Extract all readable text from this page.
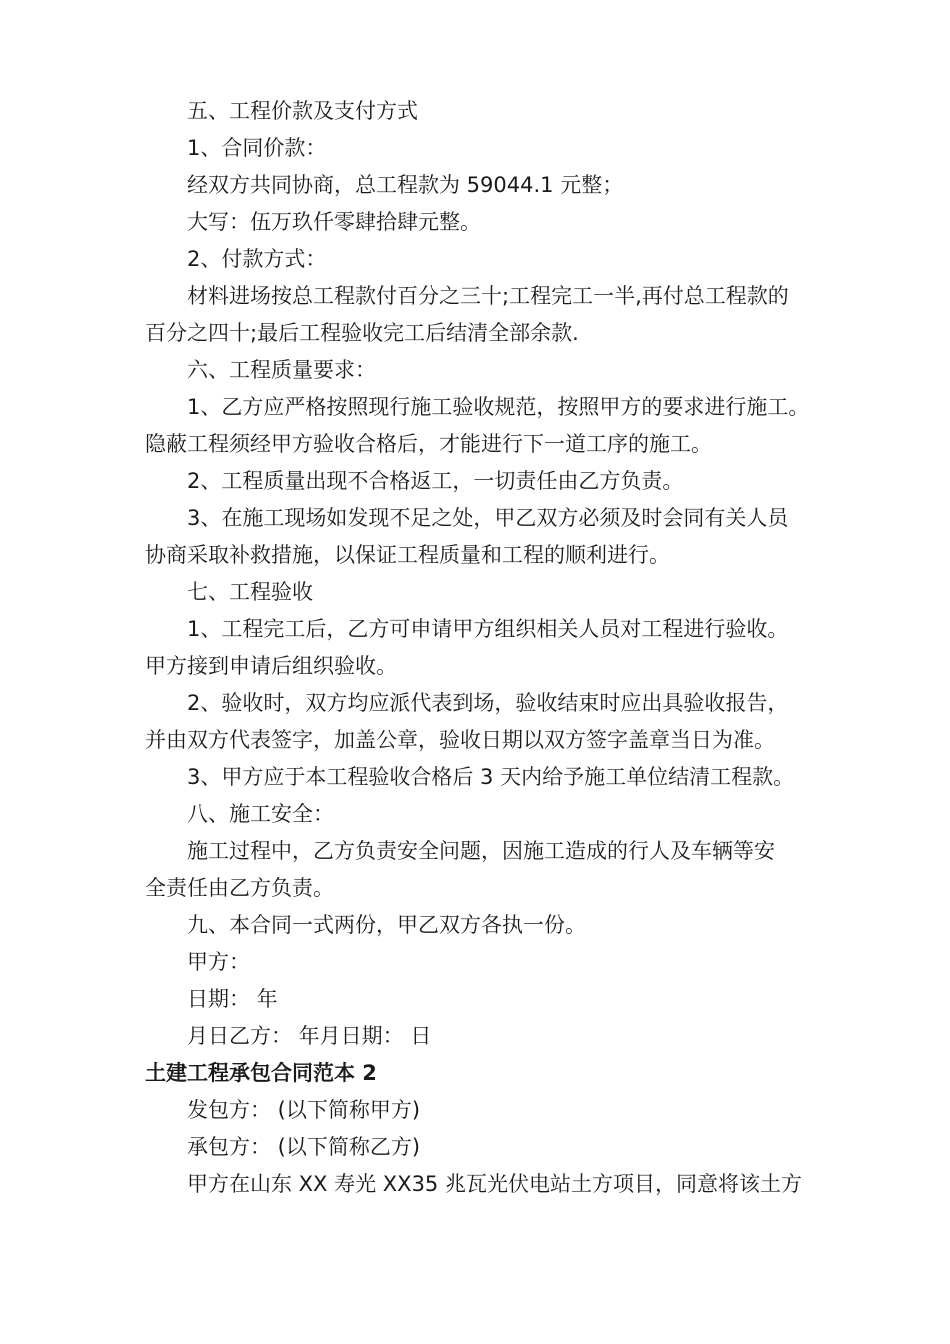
五、工程价款及支付方式
1、合同价款：
经双方共同协商，总工程款为 59044.1 元整；
大写：伍万玖仟零肆拾肆元整。
2、付款方式：
材料进场按总工程款付百分之三十;工程完工一半,再付总工程款的
百分之四十;最后工程验收完工后结清全部余款.
六、工程质量要求：
1、乙方应严格按照现行施工验收规范，按照甲方的要求进行施工。
隐蔽工程须经甲方验收合格后，才能进行下一道工序的施工。
2、工程质量出现不合格返工，一切责任由乙方负责。
3、在施工现场如发现不足之处，甲乙双方必须及时会同有关人员
协商采取补救措施，以保证工程质量和工程的顺利进行。
七、工程验收
1、工程完工后，乙方可申请甲方组织相关人员对工程进行验收。
甲方接到申请后组织验收。
2、验收时，双方均应派代表到场，验收结束时应出具验收报告，
并由双方代表签字，加盖公章，验收日期以双方签字盖章当日为准。
3、甲方应于本工程验收合格后 3 天内给予施工单位结清工程款。
八、施工安全：
施工过程中，乙方负责安全问题，因施工造成的行人及车辆等安
全责任由乙方负责。
九、本合同一式两份，甲乙双方各执一份。
甲方：
日期： 年
月日乙方： 年月日期： 日
土建工程承包合同范本 2
发包方： (以下简称甲方)
承包方： (以下简称乙方)
甲方在山东 XX 寿光 XX35 兆瓦光伏电站土方项目，同意将该土方
